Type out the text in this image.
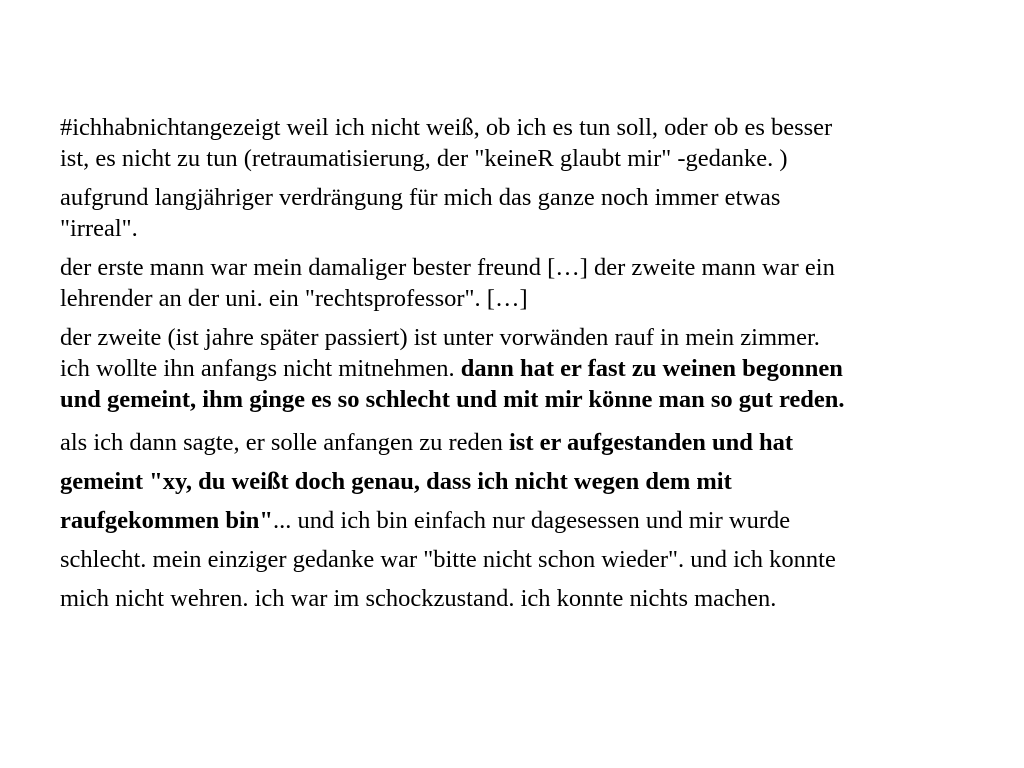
#ichhabnichtangezeigt weil ich nicht weiß, ob ich es tun soll, oder ob es besser
ist, es nicht zu tun (retraumatisierung, der "keineR glaubt mir" -gedanke. )

aufgrund langjähriger verdrängung für mich das ganze noch immer etwas
"irreal".

der erste mann war mein damaliger bester freund […] der zweite mann war ein
lehrender an der uni. ein "rechtsprofessor". […]

der zweite (ist jahre später passiert) ist unter vorwänden rauf in mein zimmer.
ich wollte ihn anfangs nicht mitnehmen. dann hat er fast zu weinen begonnen
und gemeint, ihm ginge es so schlecht und mit mir könne man so gut reden.

als ich dann sagte, er solle anfangen zu reden ist er aufgestanden und hat
gemeint "xy, du weißt doch genau, dass ich nicht wegen dem mit
raufgekommen bin"... und ich bin einfach nur dagesessen und mir wurde
schlecht. mein einziger gedanke war "bitte nicht schon wieder". und ich konnte
mich nicht wehren. ich war im schockzustand. ich konnte nichts machen.
